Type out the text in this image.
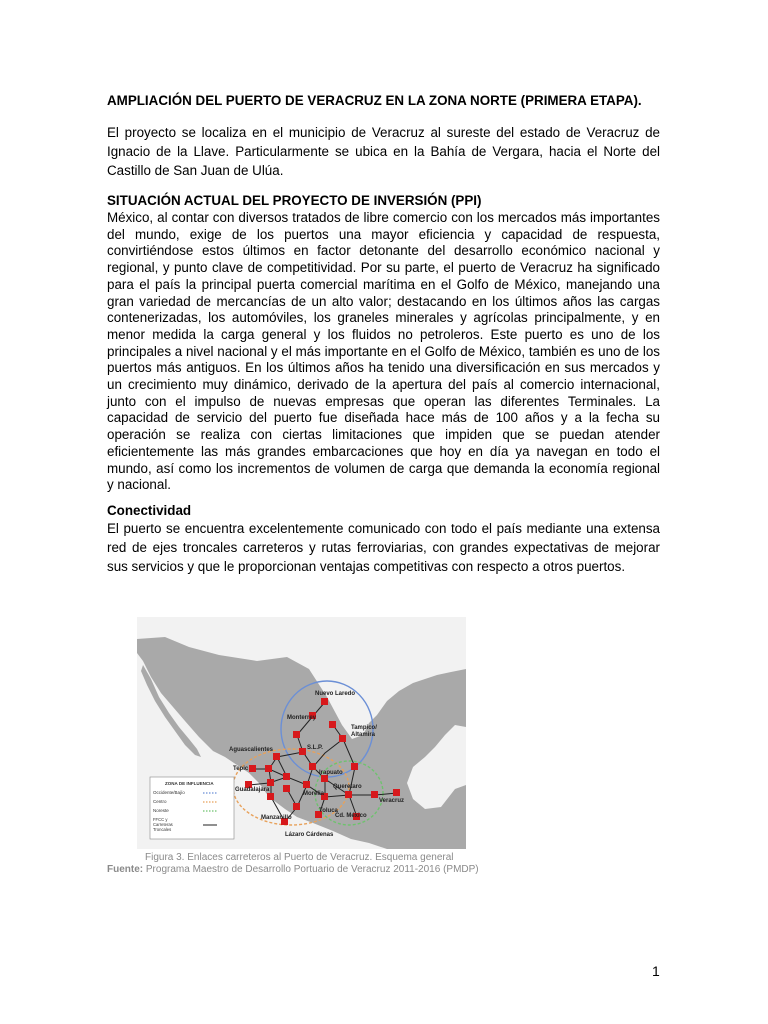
AMPLIACIÓN DEL PUERTO DE VERACRUZ EN LA ZONA NORTE (PRIMERA ETAPA).

El proyecto se localiza en el municipio de Veracruz al sureste del estado de Veracruz de Ignacio de la Llave. Particularmente se ubica en la Bahía de Vergara, hacia el Norte del Castillo de San Juan de Ulúa.

SITUACIÓN ACTUAL DEL PROYECTO DE INVERSIÓN (PPI)

México, al contar con diversos tratados de libre comercio con los mercados más importantes del mundo, exige de los puertos una mayor eficiencia y capacidad de respuesta, convirtiéndose estos últimos en factor detonante del desarrollo económico nacional y regional, y punto clave de competitividad. Por su parte, el puerto de Veracruz ha significado para el país la principal puerta comercial marítima en el Golfo de México, manejando una gran variedad de mercancías de un alto valor; destacando en los últimos años las cargas contenerizadas, los automóviles, los graneles minerales y agrícolas principalmente, y en menor medida la carga general y los fluidos no petroleros. Este puerto es uno de los principales a nivel nacional y el más importante en el Golfo de México, también es uno de los puertos más antiguos. En los últimos años ha tenido una diversificación en sus mercados y un crecimiento muy dinámico, derivado de la apertura del país al comercio internacional, junto con el impulso de nuevas empresas que operan las diferentes Terminales. La capacidad de servicio del puerto fue diseñada hace más de 100 años y a la fecha su operación se realiza con ciertas limitaciones que impiden que se puedan atender eficientemente las más grandes embarcaciones que hoy en día ya navegan en todo el mundo, así como los incrementos de volumen de carga que demanda la economía regional y nacional.

Conectividad

El puerto se encuentra excelentemente comunicado con todo el país mediante una extensa red de ejes troncales carreteros y rutas ferroviarias, con grandes expectativas de mejorar sus servicios y que le proporcionan ventajas competitivas con respecto a otros puertos.

Nuevo Laredo
Monterrey
Tampico/
Altamira
S.L.P.
Aguascalientes
Tepic
Guadalajara
Irapuato
Queretaro
Morelia
Veracruz
Toluca
Cd. México
Manzanillo
Lázaro Cárdenas
ZONA DE INFLUENCIA
Occidente/Bajío
Centro
Noreste
FFCC y
Carreteras
Troncales
Figura 3. Enlaces carreteros al Puerto de Veracruz. Esquema general
Fuente: Programa Maestro de Desarrollo Portuario de Veracruz 2011-2016 (PMDP)
1
